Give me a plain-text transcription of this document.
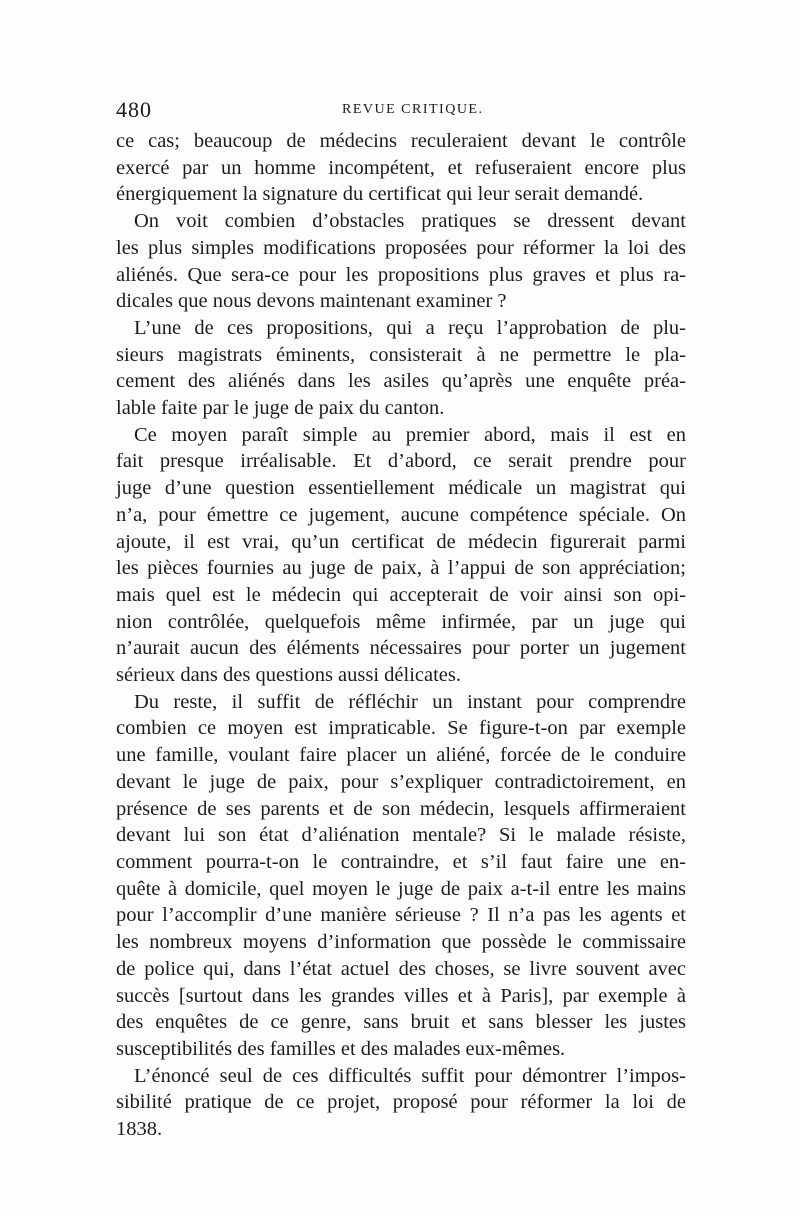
480	REVUE CRITIQUE.
ce cas; beaucoup de médecins reculeraient devant le contrôle
exercé par un homme incompétent, et refuseraient encore plus
énergiquement la signature du certificat qui leur serait demandé.
On voit combien d’obstacles pratiques se dressent devant
les plus simples modifications proposées pour réformer la loi des
aliénés. Que sera-ce pour les propositions plus graves et plus ra-
dicales que nous devons maintenant examiner ?
L’une de ces propositions, qui a reçu l’approbation de plu-
sieurs magistrats éminents, consisterait à ne permettre le pla-
cement des aliénés dans les asiles qu’après une enquête préa-
lable faite par le juge de paix du canton.
Ce moyen paraît simple au premier abord, mais il est en
fait presque irréalisable. Et d’abord, ce serait prendre pour
juge d’une question essentiellement médicale un magistrat qui
n’a, pour émettre ce jugement, aucune compétence spéciale. On
ajoute, il est vrai, qu’un certificat de médecin figurerait parmi
les pièces fournies au juge de paix, à l’appui de son appréciation;
mais quel est le médecin qui accepterait de voir ainsi son opi-
nion contrôlée, quelquefois même infirmée, par un juge qui
n’aurait aucun des éléments nécessaires pour porter un jugement
sérieux dans des questions aussi délicates.
Du reste, il suffit de réfléchir un instant pour comprendre
combien ce moyen est impraticable. Se figure-t-on par exemple
une famille, voulant faire placer un aliéné, forcée de le conduire
devant le juge de paix, pour s’expliquer contradictoirement, en
présence de ses parents et de son médecin, lesquels affirmeraient
devant lui son état d’aliénation mentale? Si le malade résiste,
comment pourra-t-on le contraindre, et s’il faut faire une en-
quête à domicile, quel moyen le juge de paix a-t-il entre les mains
pour l’accomplir d’une manière sérieuse ? Il n’a pas les agents et
les nombreux moyens d’information que possède le commissaire
de police qui, dans l’état actuel des choses, se livre souvent avec
succès [surtout dans les grandes villes et à Paris], par exemple à
des enquêtes de ce genre, sans bruit et sans blesser les justes
susceptibilités des familles et des malades eux-mêmes.
L’énoncé seul de ces difficultés suffit pour démontrer l’impos-
sibilité pratique de ce projet, proposé pour réformer la loi de
1838.
